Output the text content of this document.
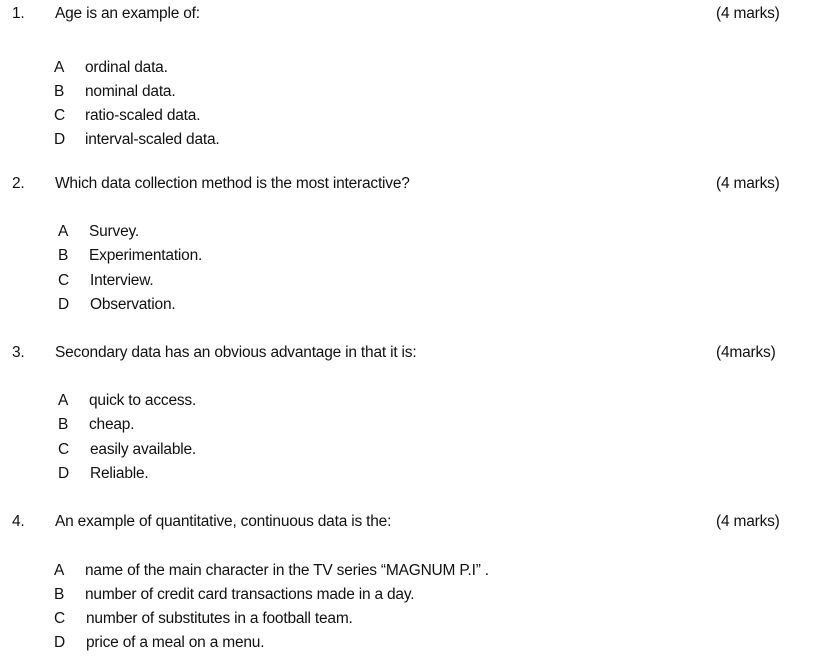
1. Age is an example of:	(4 marks)
A ordinal data.
B nominal data.
C ratio-scaled data.
D interval-scaled data.
2. Which data collection method is the most interactive?	(4 marks)
A Survey.
B Experimentation.
C Interview.
D Observation.
3. Secondary data has an obvious advantage in that it is:	(4marks)
A quick to access.
B cheap.
C easily available.
D Reliable.
4. An example of quantitative, continuous data is the:	(4 marks)
A name of the main character in the TV series “MAGNUM P.I” .
B number of credit card transactions made in a day.
C number of substitutes in a football team.
D price of a meal on a menu.
